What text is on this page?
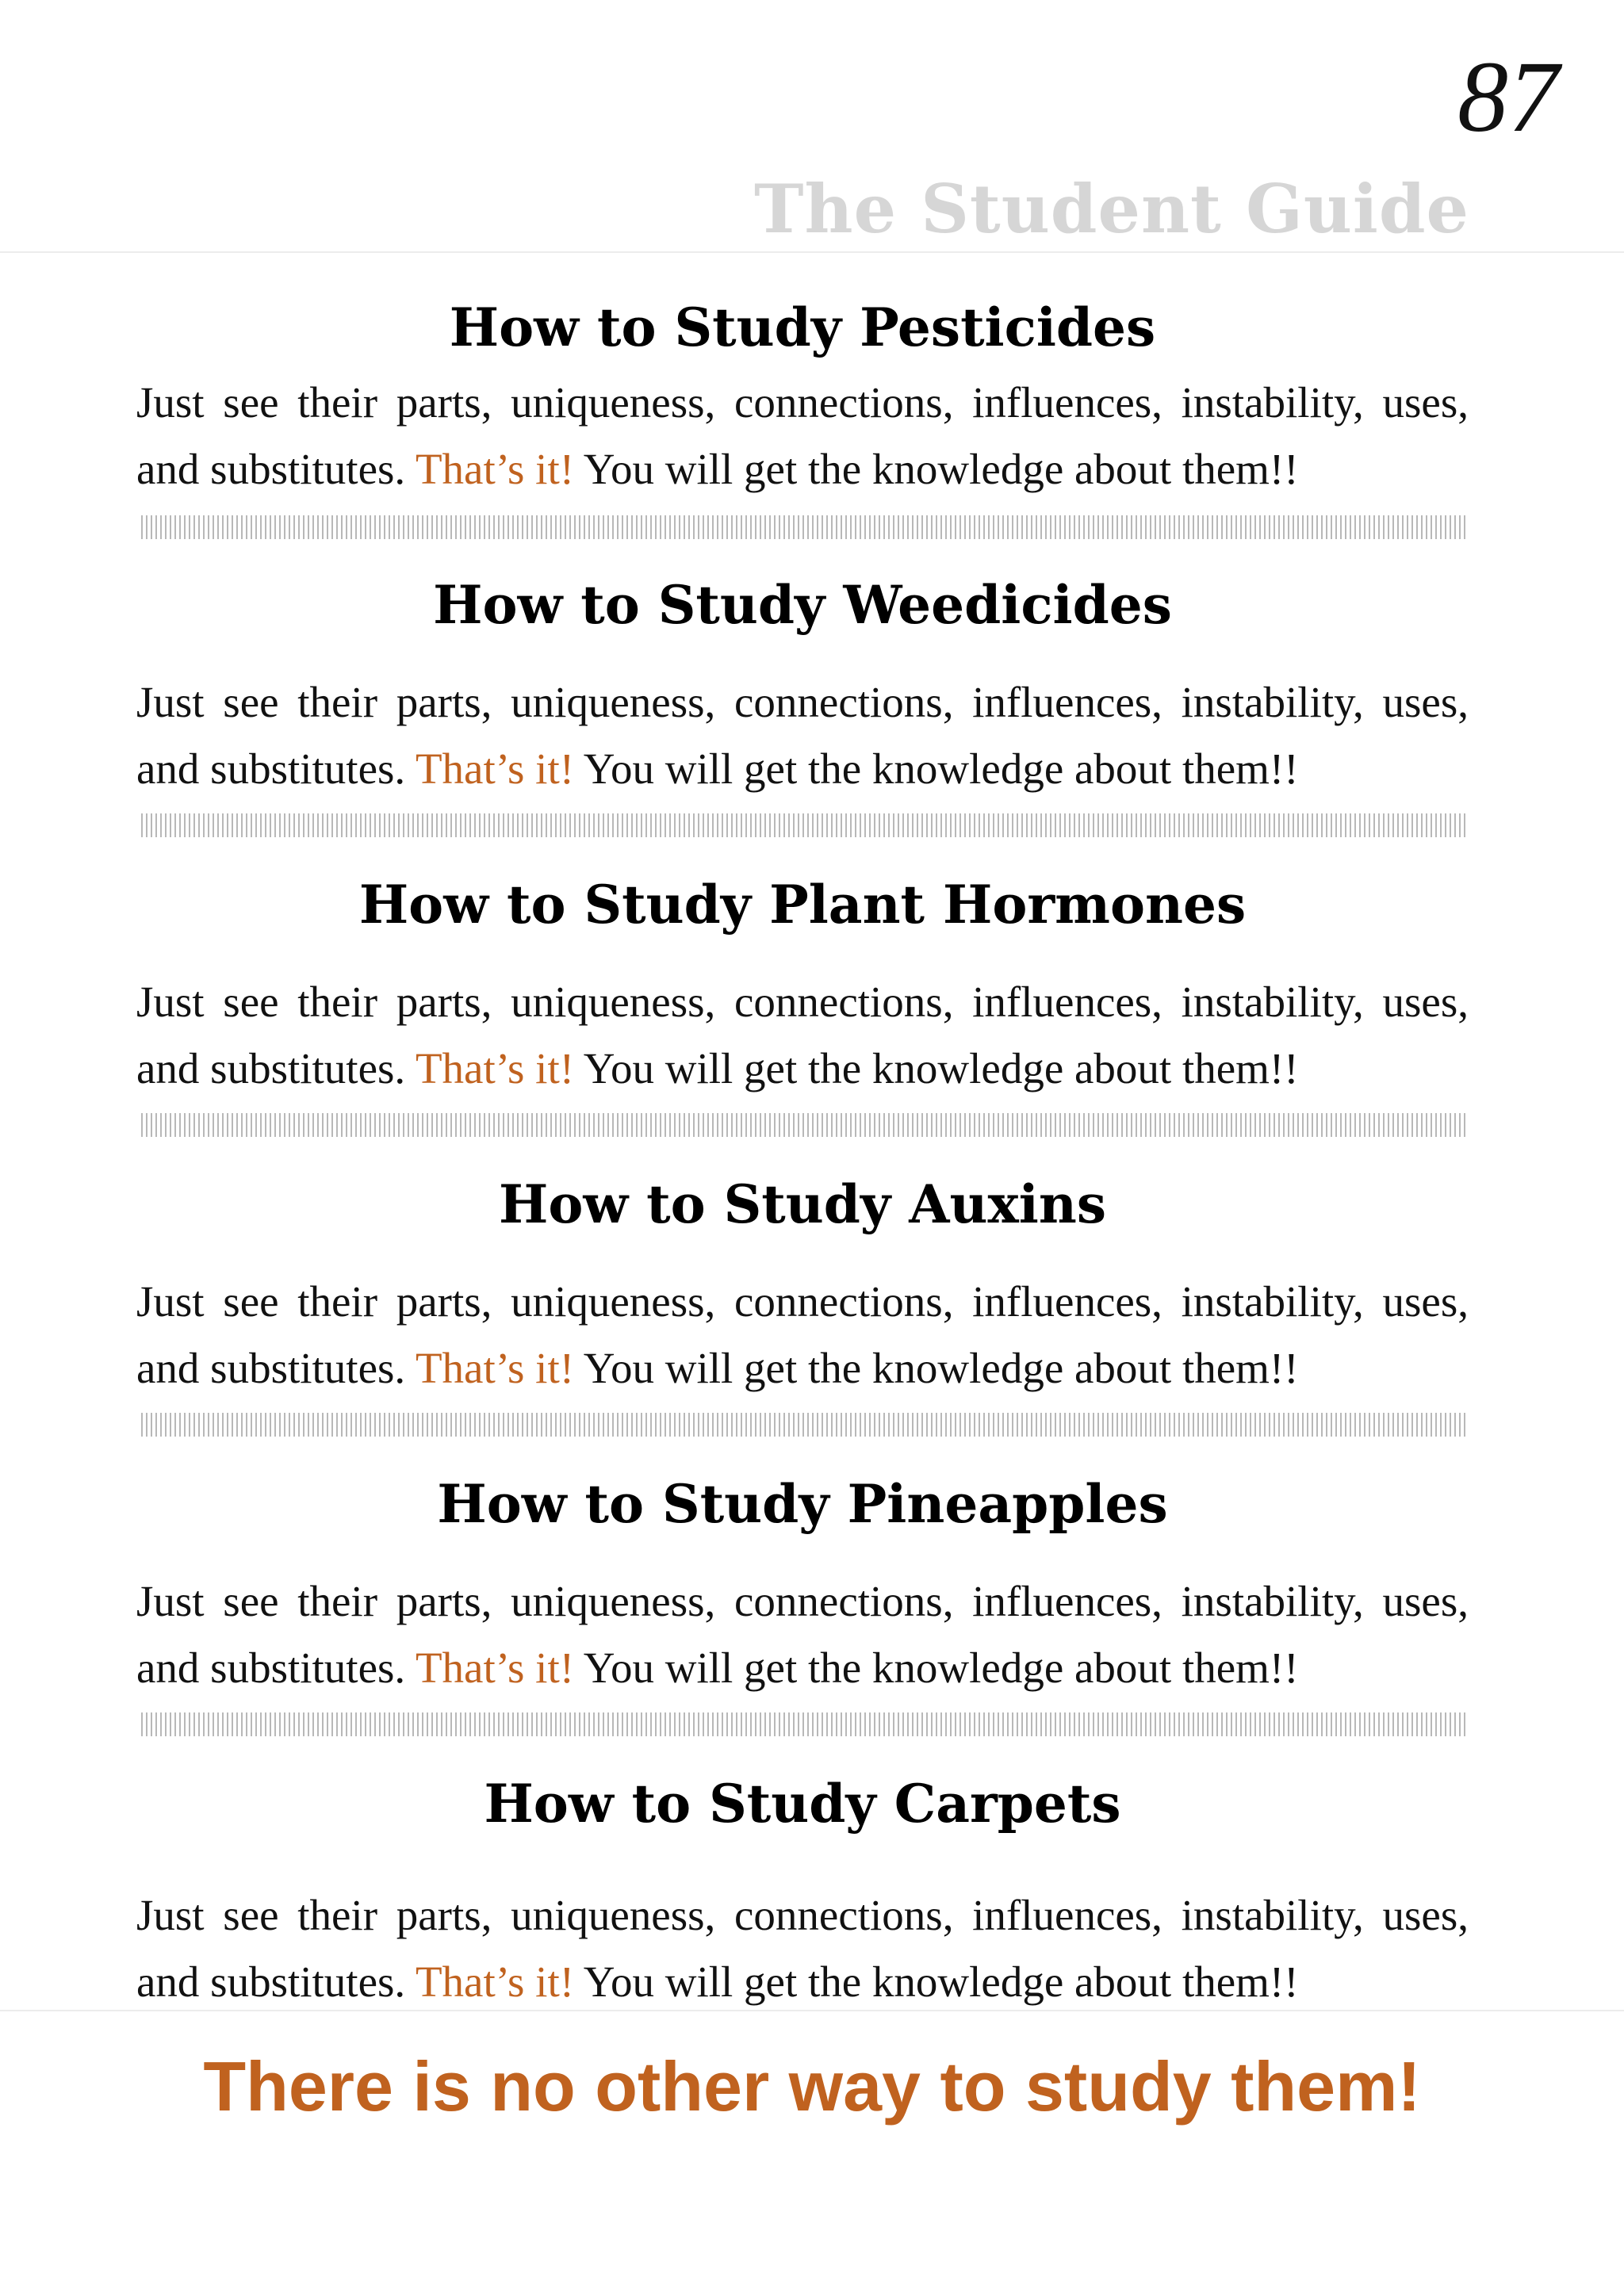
87
The Student Guide
How to Study Pesticides
Just see their parts, uniqueness, connections, influences, instability, uses,
and substitutes. That’s it! You will get the knowledge about them!!
How to Study Weedicides
Just see their parts, uniqueness, connections, influences, instability, uses,
and substitutes. That’s it! You will get the knowledge about them!!
How to Study Plant Hormones
Just see their parts, uniqueness, connections, influences, instability, uses,
and substitutes. That’s it! You will get the knowledge about them!!
How to Study Auxins
Just see their parts, uniqueness, connections, influences, instability, uses,
and substitutes. That’s it! You will get the knowledge about them!!
How to Study Pineapples
Just see their parts, uniqueness, connections, influences, instability, uses,
and substitutes. That’s it! You will get the knowledge about them!!
How to Study Carpets
Just see their parts, uniqueness, connections, influences, instability, uses,
and substitutes. That’s it! You will get the knowledge about them!!
There is no other way to study them!
